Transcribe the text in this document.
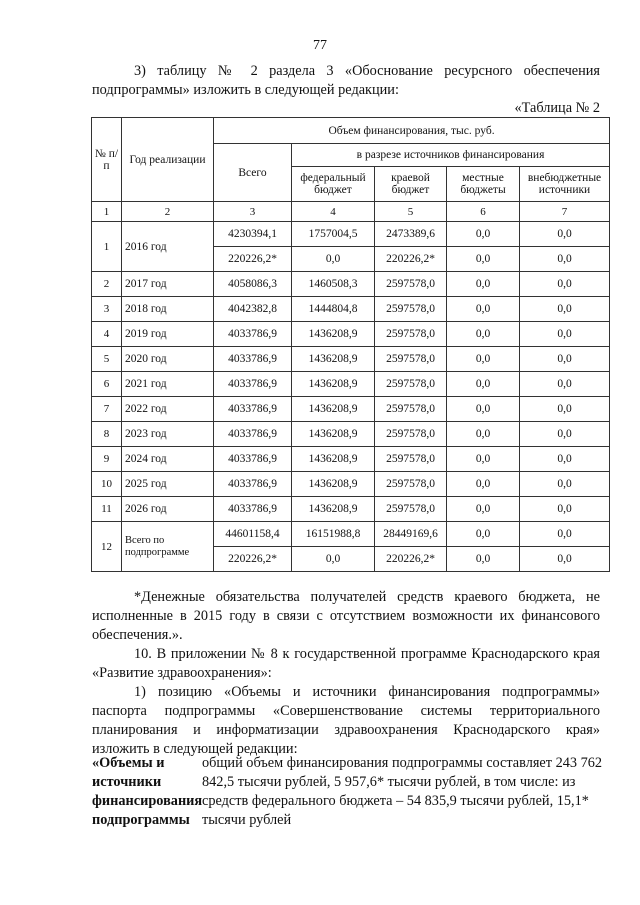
77
3) таблицу № 2 раздела 3 «Обоснование ресурсного обеспечения подпрограммы» изложить в следующей редакции:
«Таблица № 2
№ п/п	Год реализации	Объем финансирования, тыс. руб.				
		Всего	в разрезе источников финансирования			
			федеральный бюджет	краевой бюджет	местные бюджеты	внебюджетные источники
1	2	3	4	5	6	7
1	2016 год	4230394,1	1757004,5	2473389,6	0,0	0,0
		220226,2*	0,0	220226,2*	0,0	0,0
2	2017 год	4058086,3	1460508,3	2597578,0	0,0	0,0
3	2018 год	4042382,8	1444804,8	2597578,0	0,0	0,0
4	2019 год	4033786,9	1436208,9	2597578,0	0,0	0,0
5	2020 год	4033786,9	1436208,9	2597578,0	0,0	0,0
6	2021 год	4033786,9	1436208,9	2597578,0	0,0	0,0
7	2022 год	4033786,9	1436208,9	2597578,0	0,0	0,0
8	2023 год	4033786,9	1436208,9	2597578,0	0,0	0,0
9	2024 год	4033786,9	1436208,9	2597578,0	0,0	0,0
10	2025 год	4033786,9	1436208,9	2597578,0	0,0	0,0
11	2026 год	4033786,9	1436208,9	2597578,0	0,0	0,0
12	Всего по подпрограмме	44601158,4	16151988,8	28449169,6	0,0	0,0
		220226,2*	0,0	220226,2*	0,0	0,0
*Денежные обязательства получателей средств краевого бюджета, не исполненные в 2015 году в связи с отсутствием возможности их финансового обеспечения.».
10. В приложении № 8 к государственной программе Краснодарского края «Развитие здравоохранения»:
1) позицию «Объемы и источники финансирования подпрограммы» паспорта подпрограммы «Совершенствование системы территориального планирования и информатизации здравоохранения Краснодарского края» изложить в следующей редакции:
«Объемы и источники финансирования подпрограммы
общий объем финансирования подпрограммы составляет 243 762 842,5 тысячи рублей, 5 957,6* тысячи рублей, в том числе: из средств федерального бюджета – 54 835,9 тысячи рублей, 15,1* тысячи рублей
